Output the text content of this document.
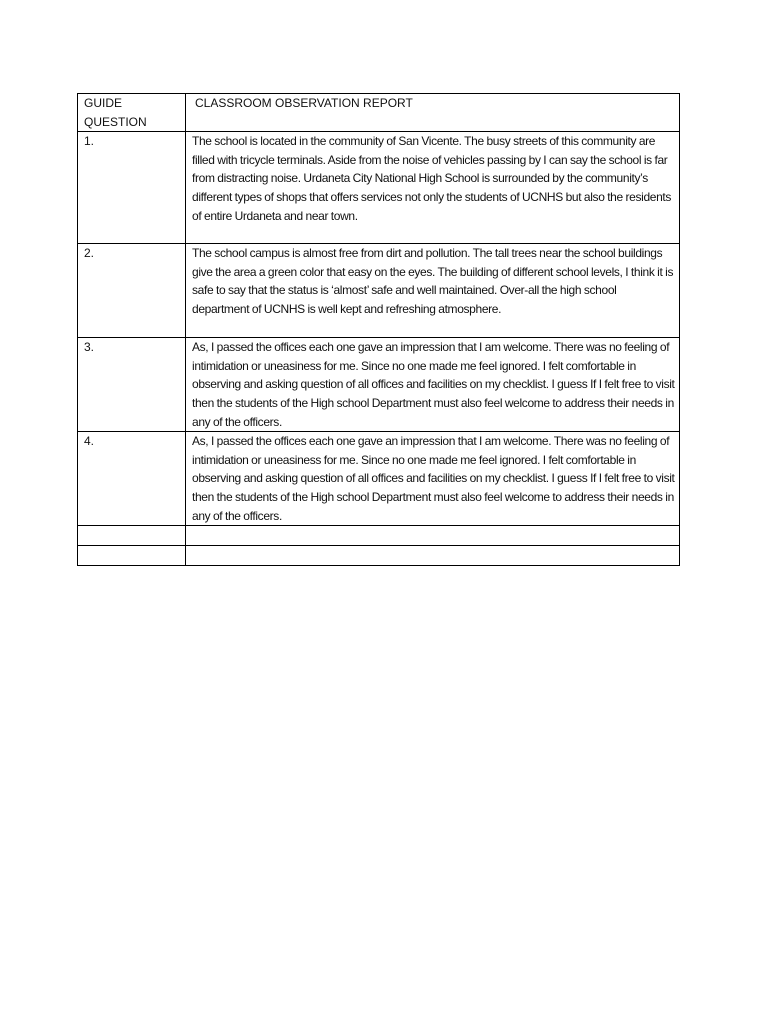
GUIDE QUESTION	CLASSROOM OBSERVATION REPORT
1.	The school is located in the community of San Vicente. The busy streets of this community are filled with tricycle terminals. Aside from the noise of vehicles passing by I can say the school is far from distracting noise. Urdaneta City National High School is surrounded by the community’s different types of shops that offers services not only the students of UCNHS but also the residents of entire Urdaneta and near town.
2.	The school campus is almost free from dirt and pollution. The tall trees near the school buildings give the area a green color that easy on the eyes. The building of different school levels, I think it is safe to say that the status is ‘almost’ safe and well maintained. Over-all the high school department of UCNHS is well kept and refreshing atmosphere.
3.	As, I passed the offices each one gave an impression that I am welcome. There was no feeling of intimidation or uneasiness for me. Since no one made me feel ignored. I felt comfortable in observing and asking question of all offices and facilities on my checklist. I guess If I felt free to visit then the students of the High school Department must also feel welcome to address their needs in any of the officers.
4.	As, I passed the offices each one gave an impression that I am welcome. There was no feeling of intimidation or uneasiness for me. Since no one made me feel ignored. I felt comfortable in observing and asking question of all offices and facilities on my checklist. I guess If I felt free to visit then the students of the High school Department must also feel welcome to address their needs in any of the officers.
